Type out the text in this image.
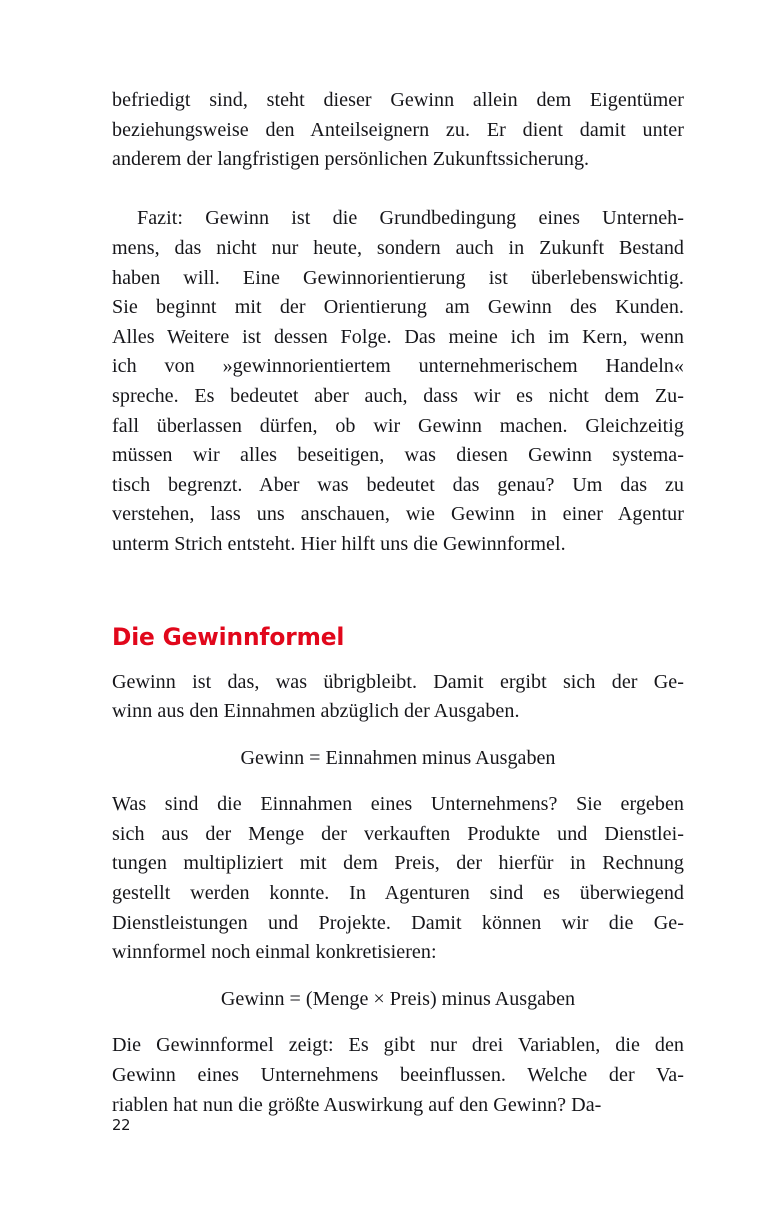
befriedigt sind, steht dieser Gewinn allein dem Eigentümer
beziehungsweise den Anteilseignern zu. Er dient damit unter
anderem der langfristigen persönlichen Zukunftssicherung.

Fazit: Gewinn ist die Grundbedingung eines Unterneh-
mens, das nicht nur heute, sondern auch in Zukunft Bestand
haben will. Eine Gewinnorientierung ist überlebenswichtig.
Sie beginnt mit der Orientierung am Gewinn des Kunden.
Alles Weitere ist dessen Folge. Das meine ich im Kern, wenn
ich von »gewinnorientiertem unternehmerischem Handeln«
spreche. Es bedeutet aber auch, dass wir es nicht dem Zu-
fall überlassen dürfen, ob wir Gewinn machen. Gleichzeitig
müssen wir alles beseitigen, was diesen Gewinn systema-
tisch begrenzt. Aber was bedeutet das genau? Um das zu
verstehen, lass uns anschauen, wie Gewinn in einer Agentur
unterm Strich entsteht. Hier hilft uns die Gewinnformel.

Die Gewinnformel

Gewinn ist das, was übrigbleibt. Damit ergibt sich der Ge-
winn aus den Einnahmen abzüglich der Ausgaben.

Gewinn = Einnahmen minus Ausgaben

Was sind die Einnahmen eines Unternehmens? Sie ergeben
sich aus der Menge der verkauften Produkte und Dienstlei-
tungen multipliziert mit dem Preis, der hierfür in Rechnung
gestellt werden konnte. In Agenturen sind es überwiegend
Dienstleistungen und Projekte. Damit können wir die Ge-
winnformel noch einmal konkretisieren:

Gewinn = (Menge × Preis) minus Ausgaben

Die Gewinnformel zeigt: Es gibt nur drei Variablen, die den
Gewinn eines Unternehmens beeinflussen. Welche der Va-
riablen hat nun die größte Auswirkung auf den Gewinn? Da-

22
